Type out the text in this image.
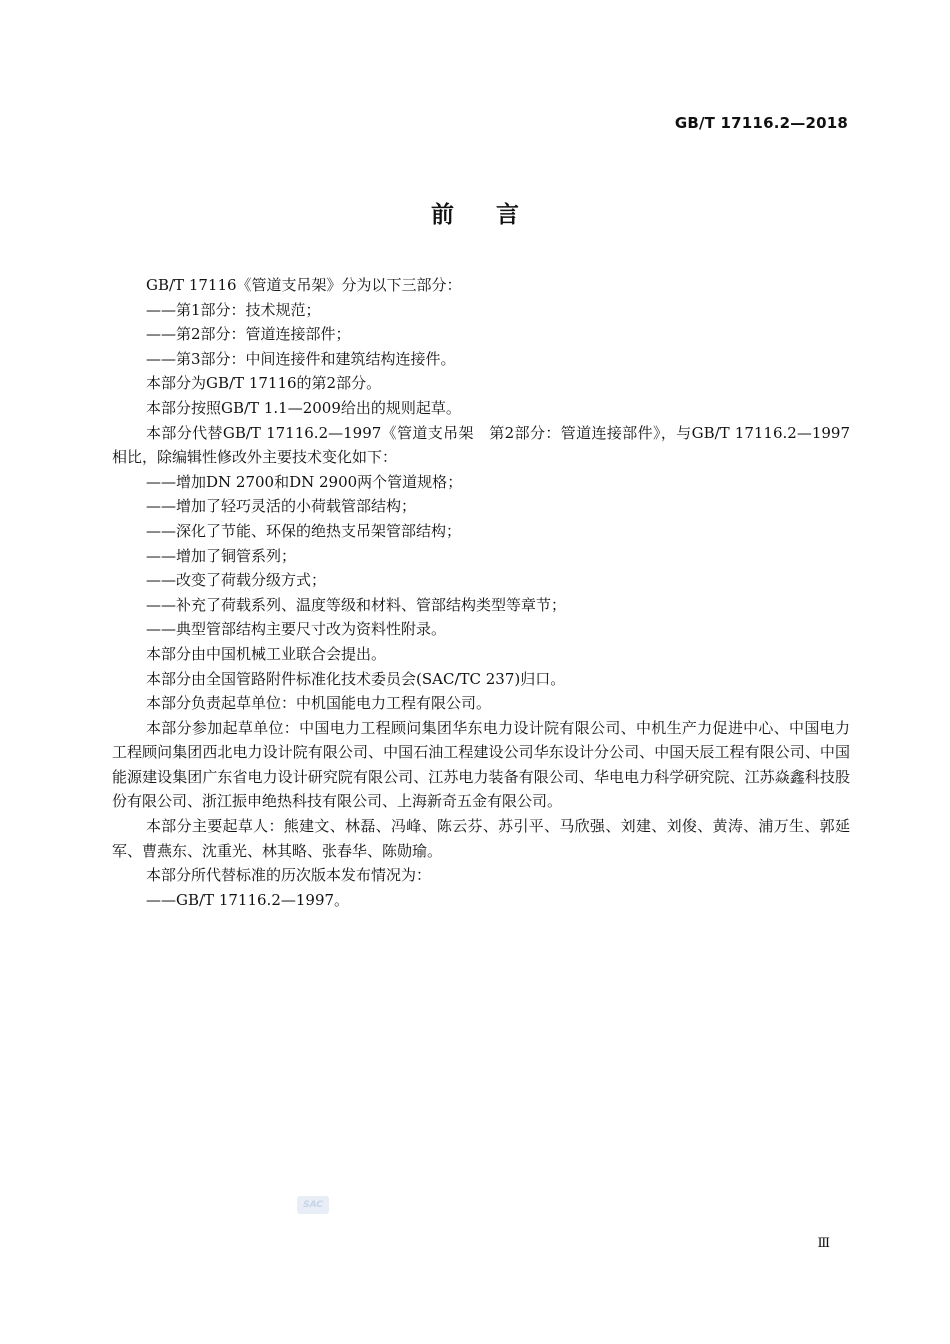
GB/T 17116.2—2018
前言

GB/T 17116《管道支吊架》分为以下三部分：

——第1部分：技术规范；

——第2部分：管道连接部件；

——第3部分：中间连接件和建筑结构连接件。

本部分为GB/T 17116的第2部分。

本部分按照GB/T 1.1—2009给出的规则起草。

本部分代替GB/T 17116.2—1997《管道支吊架　第2部分：管道连接部件》，与GB/T 17116.2—1997相比，除编辑性修改外主要技术变化如下：

——增加DN 2700和DN 2900两个管道规格；

——增加了轻巧灵活的小荷载管部结构；

——深化了节能、环保的绝热支吊架管部结构；

——增加了铜管系列；

——改变了荷载分级方式；

——补充了荷载系列、温度等级和材料、管部结构类型等章节；

——典型管部结构主要尺寸改为资料性附录。

本部分由中国机械工业联合会提出。

本部分由全国管路附件标准化技术委员会(SAC/TC 237)归口。

本部分负责起草单位：中机国能电力工程有限公司。

本部分参加起草单位：中国电力工程顾问集团华东电力设计院有限公司、中机生产力促进中心、中国电力工程顾问集团西北电力设计院有限公司、中国石油工程建设公司华东设计分公司、中国天辰工程有限公司、中国能源建设集团广东省电力设计研究院有限公司、江苏电力装备有限公司、华电电力科学研究院、江苏焱鑫科技股份有限公司、浙江振申绝热科技有限公司、上海新奇五金有限公司。

本部分主要起草人：熊建文、林磊、冯峰、陈云芬、苏引平、马欣强、刘建、刘俊、黄涛、浦万生、郭延军、曹燕东、沈重光、林其略、张春华、陈勋瑜。

本部分所代替标准的历次版本发布情况为：

——GB/T 17116.2—1997。

SAC
Ⅲ
